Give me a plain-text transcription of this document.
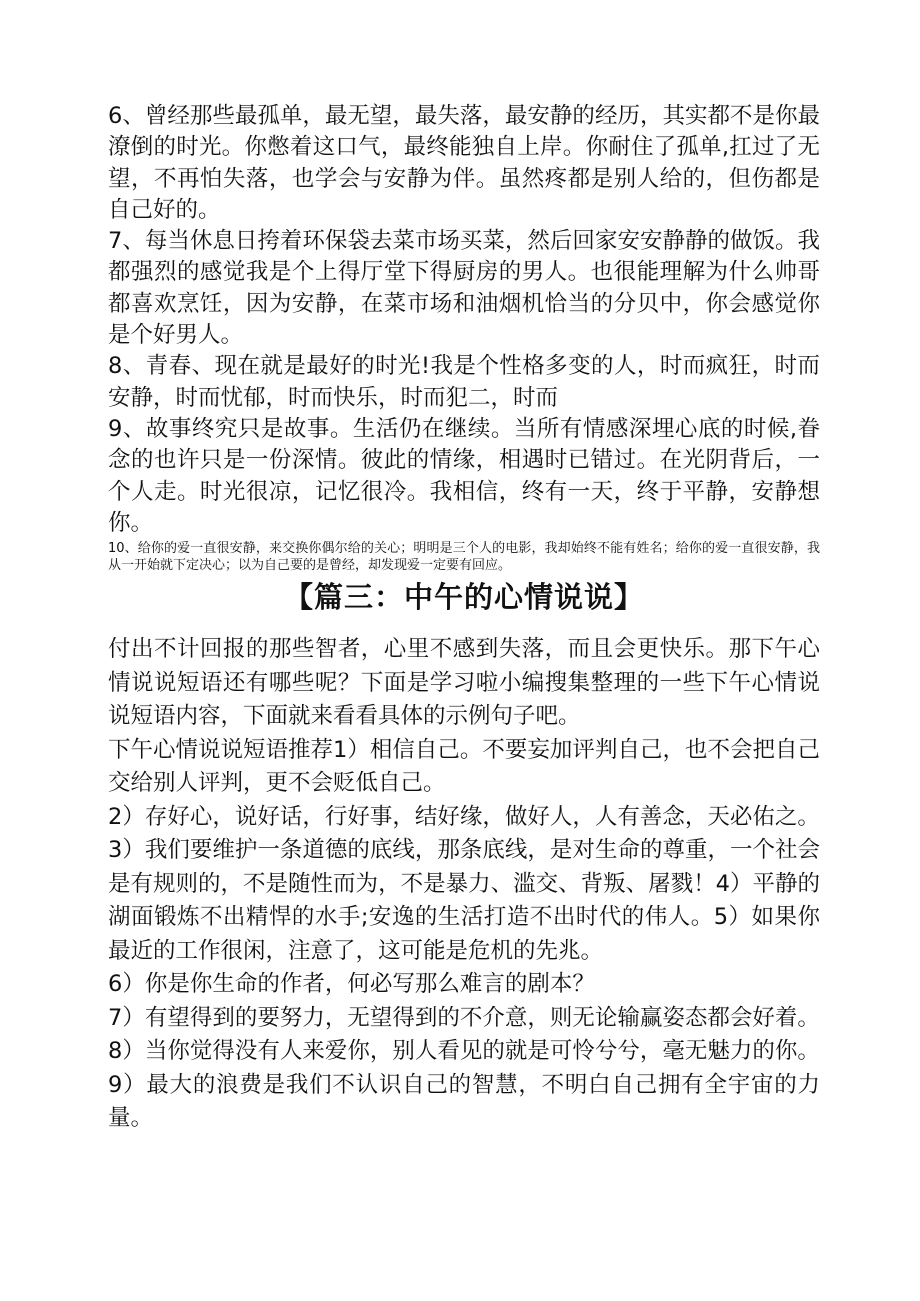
6、曾经那些最孤单，最无望，最失落，最安静的经历，其实都不是你最潦倒的时光。你憋着这口气，最终能独自上岸。你耐住了孤单,扛过了无望，不再怕失落，也学会与安静为伴。虽然疼都是别人给的，但伤都是自己好的。

7、每当休息日挎着环保袋去菜市场买菜，然后回家安安静静的做饭。我都强烈的感觉我是个上得厅堂下得厨房的男人。也很能理解为什么帅哥都喜欢烹饪，因为安静，在菜市场和油烟机恰当的分贝中，你会感觉你是个好男人。

8、青春、现在就是最好的时光!我是个性格多变的人，时而疯狂，时而安静，时而忧郁，时而快乐，时而犯二，时而

9、故事终究只是故事。生活仍在继续。当所有情感深埋心底的时候,眷念的也许只是一份深情。彼此的情缘，相遇时已错过。在光阴背后，一个人走。时光很凉，记忆很冷。我相信，终有一天，终于平静，安静想你。

10、给你的爱一直很安静，来交换你偶尔给的关心；明明是三个人的电影，我却始终不能有姓名；给你的爱一直很安静，我从一开始就下定决心；以为自己要的是曾经，却发现爱一定要有回应。

【篇三：中午的心情说说】

付出不计回报的那些智者，心里不感到失落，而且会更快乐。那下午心情说说短语还有哪些呢？下面是学习啦小编搜集整理的一些下午心情说说短语内容，下面就来看看具体的示例句子吧。

下午心情说说短语推荐1）相信自己。不要妄加评判自己，也不会把自己交给别人评判，更不会贬低自己。

2）存好心，说好话，行好事，结好缘，做好人，人有善念，天必佑之。

3）我们要维护一条道德的底线，那条底线，是对生命的尊重，一个社会是有规则的，不是随性而为，不是暴力、滥交、背叛、屠戮！4）平静的湖面锻炼不出精悍的水手;安逸的生活打造不出时代的伟人。5）如果你最近的工作很闲，注意了，这可能是危机的先兆。

6）你是你生命的作者，何必写那么难言的剧本？

7）有望得到的要努力，无望得到的不介意，则无论输赢姿态都会好着。

8）当你觉得没有人来爱你，别人看见的就是可怜兮兮，毫无魅力的你。

9）最大的浪费是我们不认识自己的智慧，不明白自己拥有全宇宙的力量。
